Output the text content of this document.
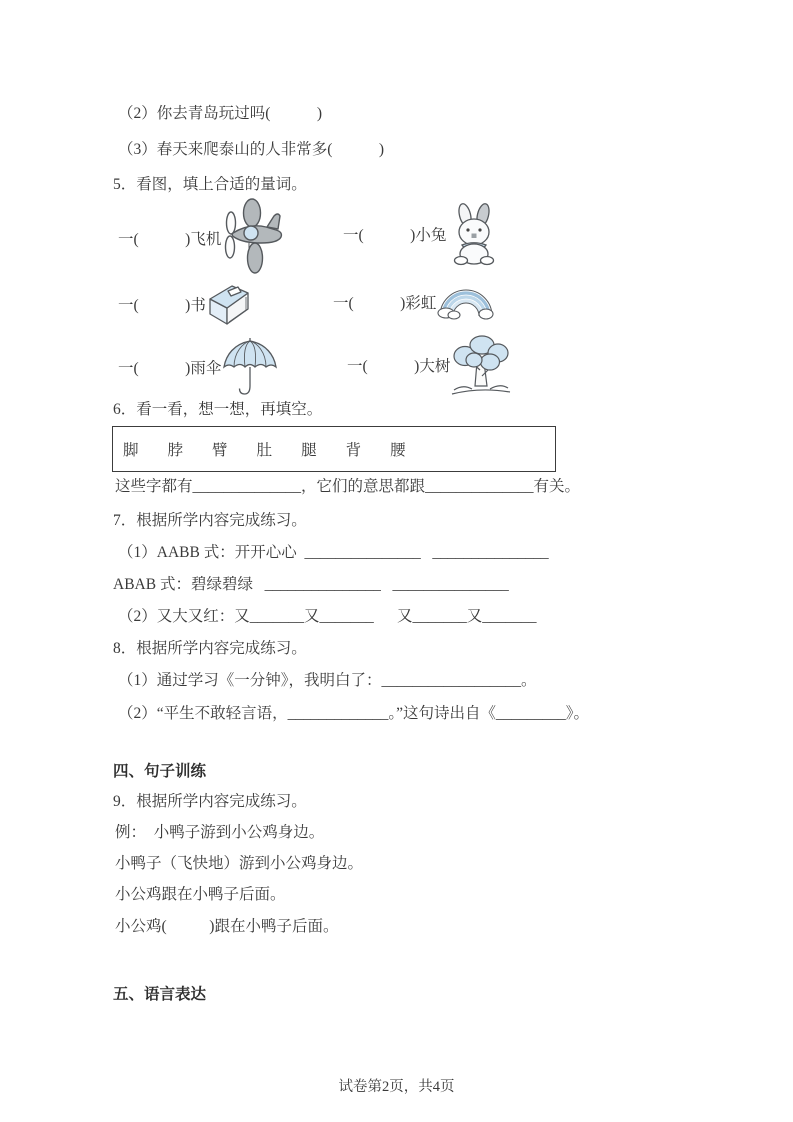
（2）你去青岛玩过吗(            )
（3）春天来爬泰山的人非常多(            )
5．看图，填上合适的量词。
一(            )飞机	一(            )小兔
一(            )书	一(            )彩虹
一(            )雨伞	一(            )大树
6．看一看，想一想，再填空。
脚 脖 臂 肚 腿 背 腰
这些字都有______________，它们的意思都跟______________有关。
7．根据所学内容完成练习。
（1）AABB 式：开开心心  _______________   _______________
ABAB 式：碧绿碧绿   _______________   _______________
（2）又大又红：又_______又_______      又_______又_______
8．根据所学内容完成练习。
（1）通过学习《一分钟》，我明白了：__________________。
（2）“平生不敢轻言语，_____________。”这句诗出自《_________》。
四、句子训练
9．根据所学内容完成练习。
例：  小鸭子游到小公鸡身边。
小鸭子（飞快地）游到小公鸡身边。
小公鸡跟在小鸭子后面。
小公鸡(           )跟在小鸭子后面。
五、语言表达
试卷第2页，共4页
